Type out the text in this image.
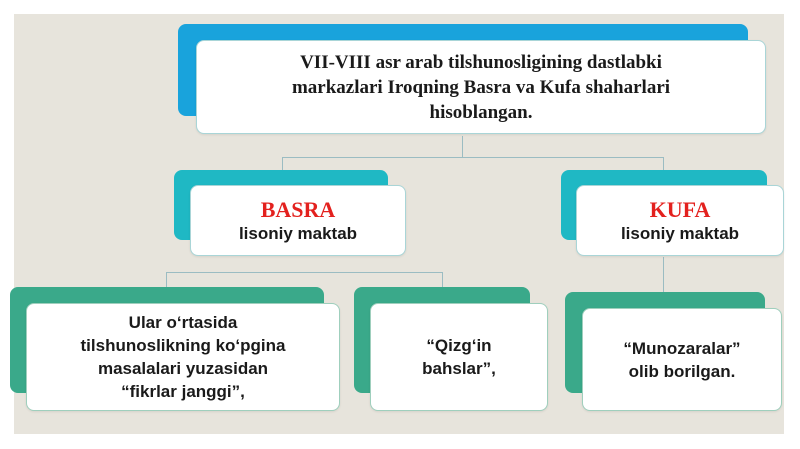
VII-VIII asr arab tilshunosligining dastlabki
markazlari Iroqning Basra va Kufa shaharlari
hisoblangan.
BASRA
lisoniy maktab
KUFA
lisoniy maktab
Ular o‘rtasida
tilshunoslikning ko‘pgina
masalalari yuzasidan
“fikrlar janggi”,
“Qizg‘in
bahslar”,
“Munozaralar”
olib borilgan.
